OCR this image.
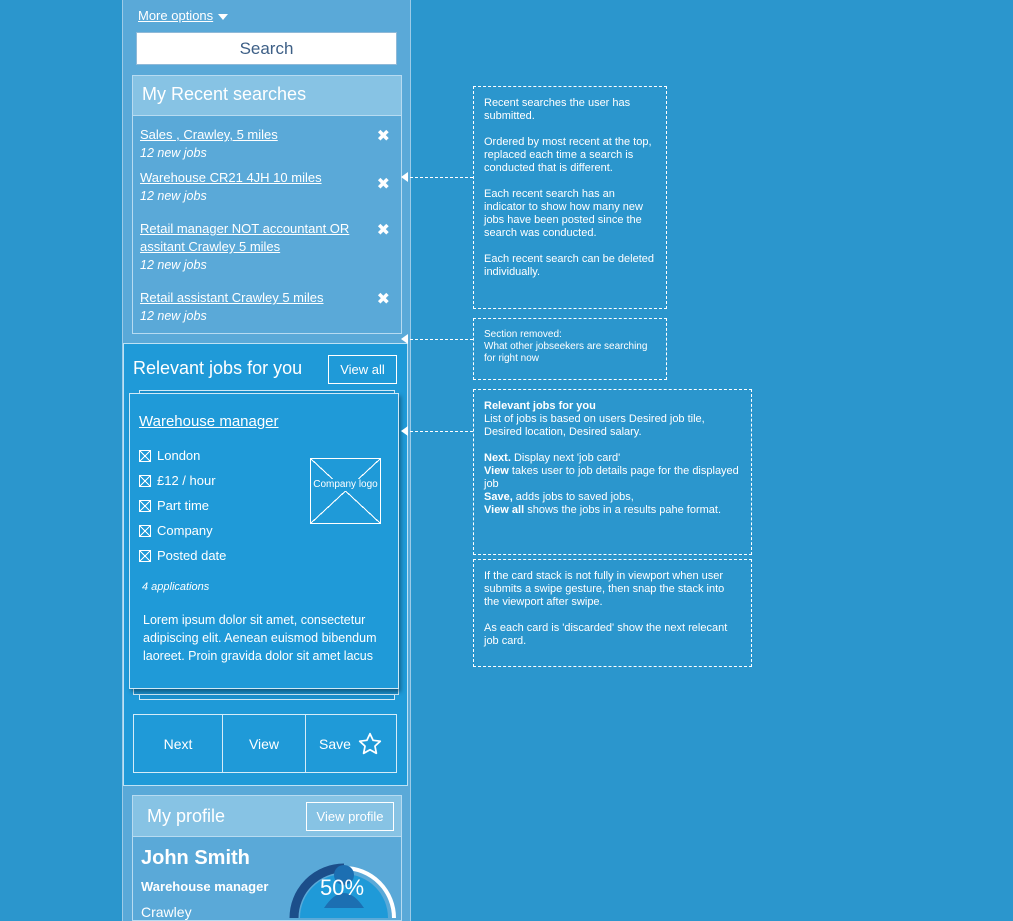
More options
Search
My Recent searches
Sales , Crawley, 5 miles
12 new jobs
✖
Warehouse CR21 4JH 10 miles
12 new jobs
✖
Retail manager NOT accountant OR assitant Crawley 5 miles
12 new jobs
✖
Retail assistant Crawley 5 miles
12 new jobs
✖
Relevant jobs for you	View all
Warehouse manager
London
£12 / hour
Part time
Company
Posted date
Company logo
4 applications
Lorem ipsum dolor sit amet, consectetur adipiscing elit. Aenean euismod bibendum laoreet. Proin gravida dolor sit amet lacus
Next	View	Save
My profile	View profile
John Smith
Warehouse manager
Crawley
50%

Recent searches the user has submitted.

Ordered by most recent at the top, replaced each time a search is conducted that is different.

Each recent search has an indicator to show how many new jobs have been posted since the search was conducted.

Each recent search can be deleted individually.

Section removed:
What other jobseekers are searching for right now
Relevant jobs for you

List of jobs is based on users Desired job tile, Desired location, Desired salary.

Next. Display next 'job card'
View takes user to job details page for the displayed job
Save, adds jobs to saved jobs,
View all shows the jobs in a results pahe format.

If the card stack is not fully in viewport when user submits a swipe gesture, then snap the stack into the viewport after swipe.

As each card is 'discarded' show the next relecant job card.
